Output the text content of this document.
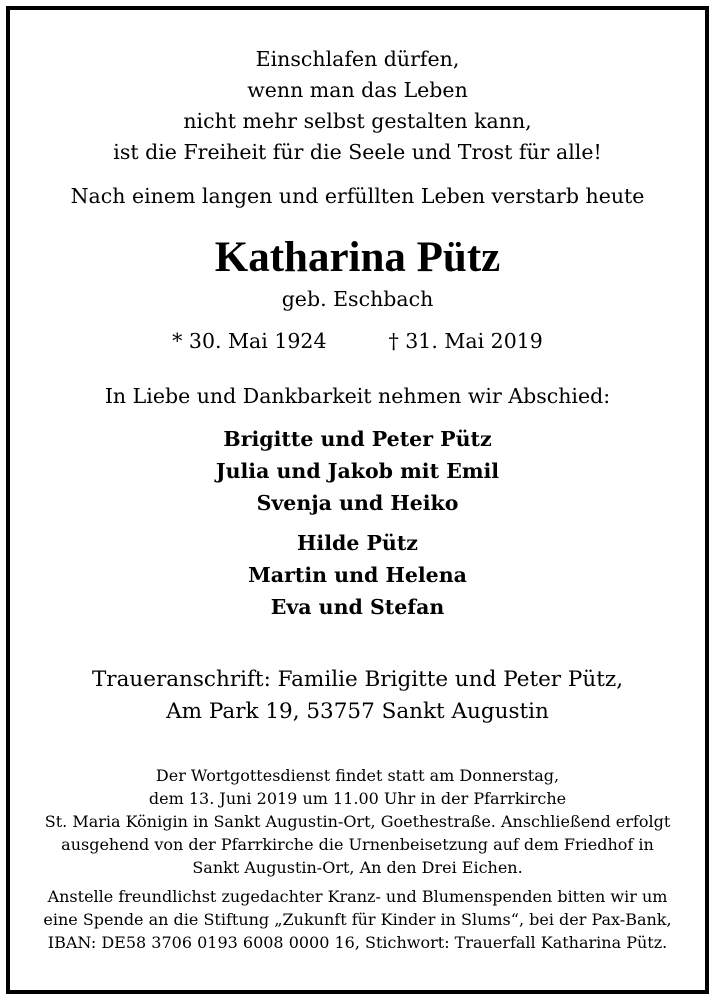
Einschlafen dürfen,
wenn man das Leben
nicht mehr selbst gestalten kann,
ist die Freiheit für die Seele und Trost für alle!
Nach einem langen und erfüllten Leben verstarb heute
Katharina Pütz
geb. Eschbach
* 30. Mai 1924	† 31. Mai 2019
In Liebe und Dankbarkeit nehmen wir Abschied:
Brigitte und Peter Pütz
Julia und Jakob mit Emil
Svenja und Heiko
Hilde Pütz
Martin und Helena
Eva und Stefan
Traueranschrift: Familie Brigitte und Peter Pütz,
Am Park 19, 53757 Sankt Augustin
Der Wortgottesdienst findet statt am Donnerstag,
dem 13. Juni 2019 um 11.00 Uhr in der Pfarrkirche
St. Maria Königin in Sankt Augustin-Ort, Goethestraße. Anschließend erfolgt
ausgehend von der Pfarrkirche die Urnenbeisetzung auf dem Friedhof in
Sankt Augustin-Ort, An den Drei Eichen.
Anstelle freundlichst zugedachter Kranz- und Blumenspenden bitten wir um
eine Spende an die Stiftung „Zukunft für Kinder in Slums“, bei der Pax-Bank,
IBAN: DE58 3706 0193 6008 0000 16, Stichwort: Trauerfall Katharina Pütz.
